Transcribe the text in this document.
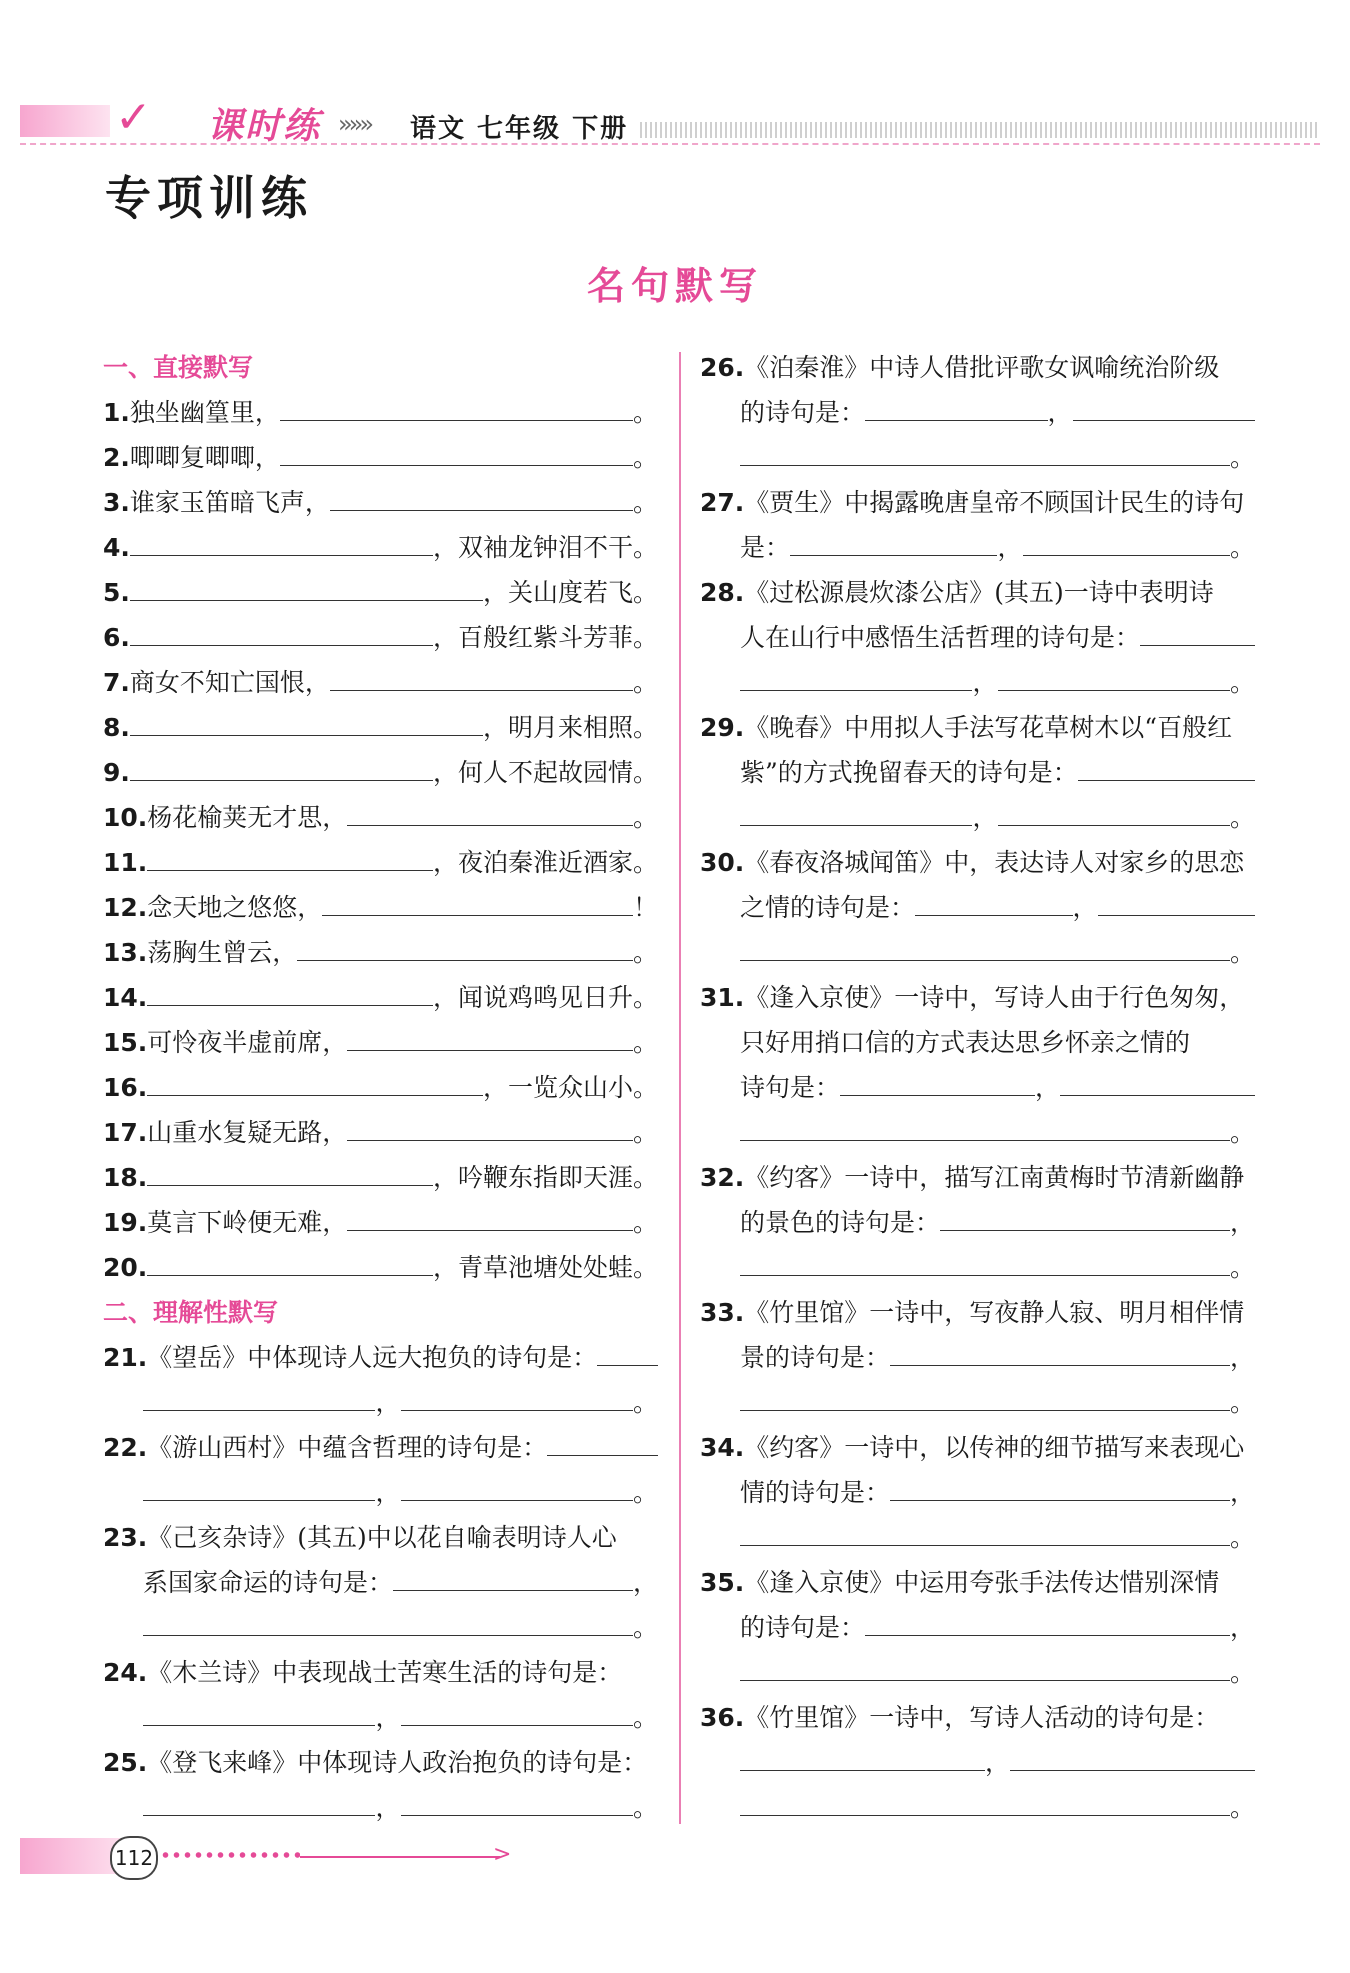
✓ 课时练 »»» 语文 七年级 下册
专项训练
名句默写
一、直接默写
1.独坐幽篁里，	。
2.唧唧复唧唧，	。
3.谁家玉笛暗飞声，	。
4.	，双袖龙钟泪不干。
5.	，关山度若飞。
6.	，百般红紫斗芳菲。
7.商女不知亡国恨，	。
8.	，明月来相照。
9.	，何人不起故园情。
10.杨花榆荚无才思，	。
11.	，夜泊秦淮近酒家。
12.念天地之悠悠，	！
13.荡胸生曾云，	。
14.	，闻说鸡鸣见日升。
15.可怜夜半虚前席，	。
16.	，一览众山小。
17.山重水复疑无路，	。
18.	，吟鞭东指即天涯。
19.莫言下岭便无难，	。
20.	，青草池塘处处蛙。
二、理解性默写
21.《望岳》中体现诗人远大抱负的诗句是：
，	。
22.《游山西村》中蕴含哲理的诗句是：
，	。
23.《己亥杂诗》(其五)中以花自喻表明诗人心
系国家命运的诗句是：	，
。
24.《木兰诗》中表现战士苦寒生活的诗句是：
，	。
25.《登飞来峰》中体现诗人政治抱负的诗句是：
，	。
26.《泊秦淮》中诗人借批评歌女讽喻统治阶级
的诗句是：	，
。
27.《贾生》中揭露晚唐皇帝不顾国计民生的诗句
是：	，	。
28.《过松源晨炊漆公店》(其五)一诗中表明诗
人在山行中感悟生活哲理的诗句是：
，	。
29.《晚春》中用拟人手法写花草树木以“百般红
紫”的方式挽留春天的诗句是：
，	。
30.《春夜洛城闻笛》中，表达诗人对家乡的思恋
之情的诗句是：	，
。
31.《逢入京使》一诗中，写诗人由于行色匆匆，
只好用捎口信的方式表达思乡怀亲之情的
诗句是：	，
。
32.《约客》一诗中，描写江南黄梅时节清新幽静
的景色的诗句是：	，
。
33.《竹里馆》一诗中，写夜静人寂、明月相伴情
景的诗句是：	，
。
34.《约客》一诗中，以传神的细节描写来表现心
情的诗句是：	，
。
35.《逢入京使》中运用夸张手法传达惜别深情
的诗句是：	，
。
36.《竹里馆》一诗中，写诗人活动的诗句是：
，
。
112	>
